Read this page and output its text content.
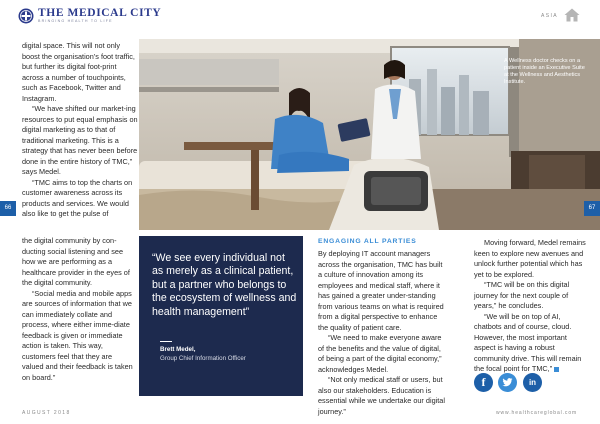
THE MEDICAL CITY
BRINGING HEALTH TO LIFE
ASIA

digital space. This will not only boost the organisation’s foot traffic, but further its digital foot-print across a number of touchpoints, such as Facebook, Twitter and Instagram.

“We have shifted our market-ing resources to put equal emphasis on digital marketing as to that of traditional marketing. This is a strategy that has never been before done in the entire history of TMC,” says Medel.

“TMC aims to top the charts on customer awareness across its products and services. We would also like to get the pulse of

A Wellness doctor checks on a patient inside an Executive Suite at the Wellness and Aesthetics Institute.

the digital community by con-ducting social listening and see how we are performing as a healthcare provider in the eyes of the digital community.

“Social media and mobile apps are sources of information that we can immediately collate and process, where either imme-diate feedback is given or immediate action is taken. This way, customers feel that they are valued and their feedback is taken on board.”

“We see every individual not as merely as a clinical patient, but a partner who belongs to the ecosystem of wellness and health management”
Brett Medel,
Group Chief Information Officer
ENGAGING ALL PARTIES

By deploying IT account managers across the organisation, TMC has built a culture of innovation among its employees and medical staff, where it has gained a greater under-standing from various teams on what is required from a digital perspective to enhance the quality of patient care.

“We need to make everyone aware of the benefits and the value of digital, of being a part of the digital economy,” acknowledges Medel.

“Not only medical staff or users, but also our stakeholders. Education is essential while we undertake our digital journey.”

Moving forward, Medel remains keen to explore new avenues and unlock further potential which has yet to be explored.

“TMC will be on this digital journey for the next couple of years,” he concludes.

“We will be on top of AI, chatbots and of course, cloud. However, the most important aspect is having a robust community drive. This will remain the focal point for TMC,”

f	in
66	67
AUGUST 2018	www.healthcareglobal.com
